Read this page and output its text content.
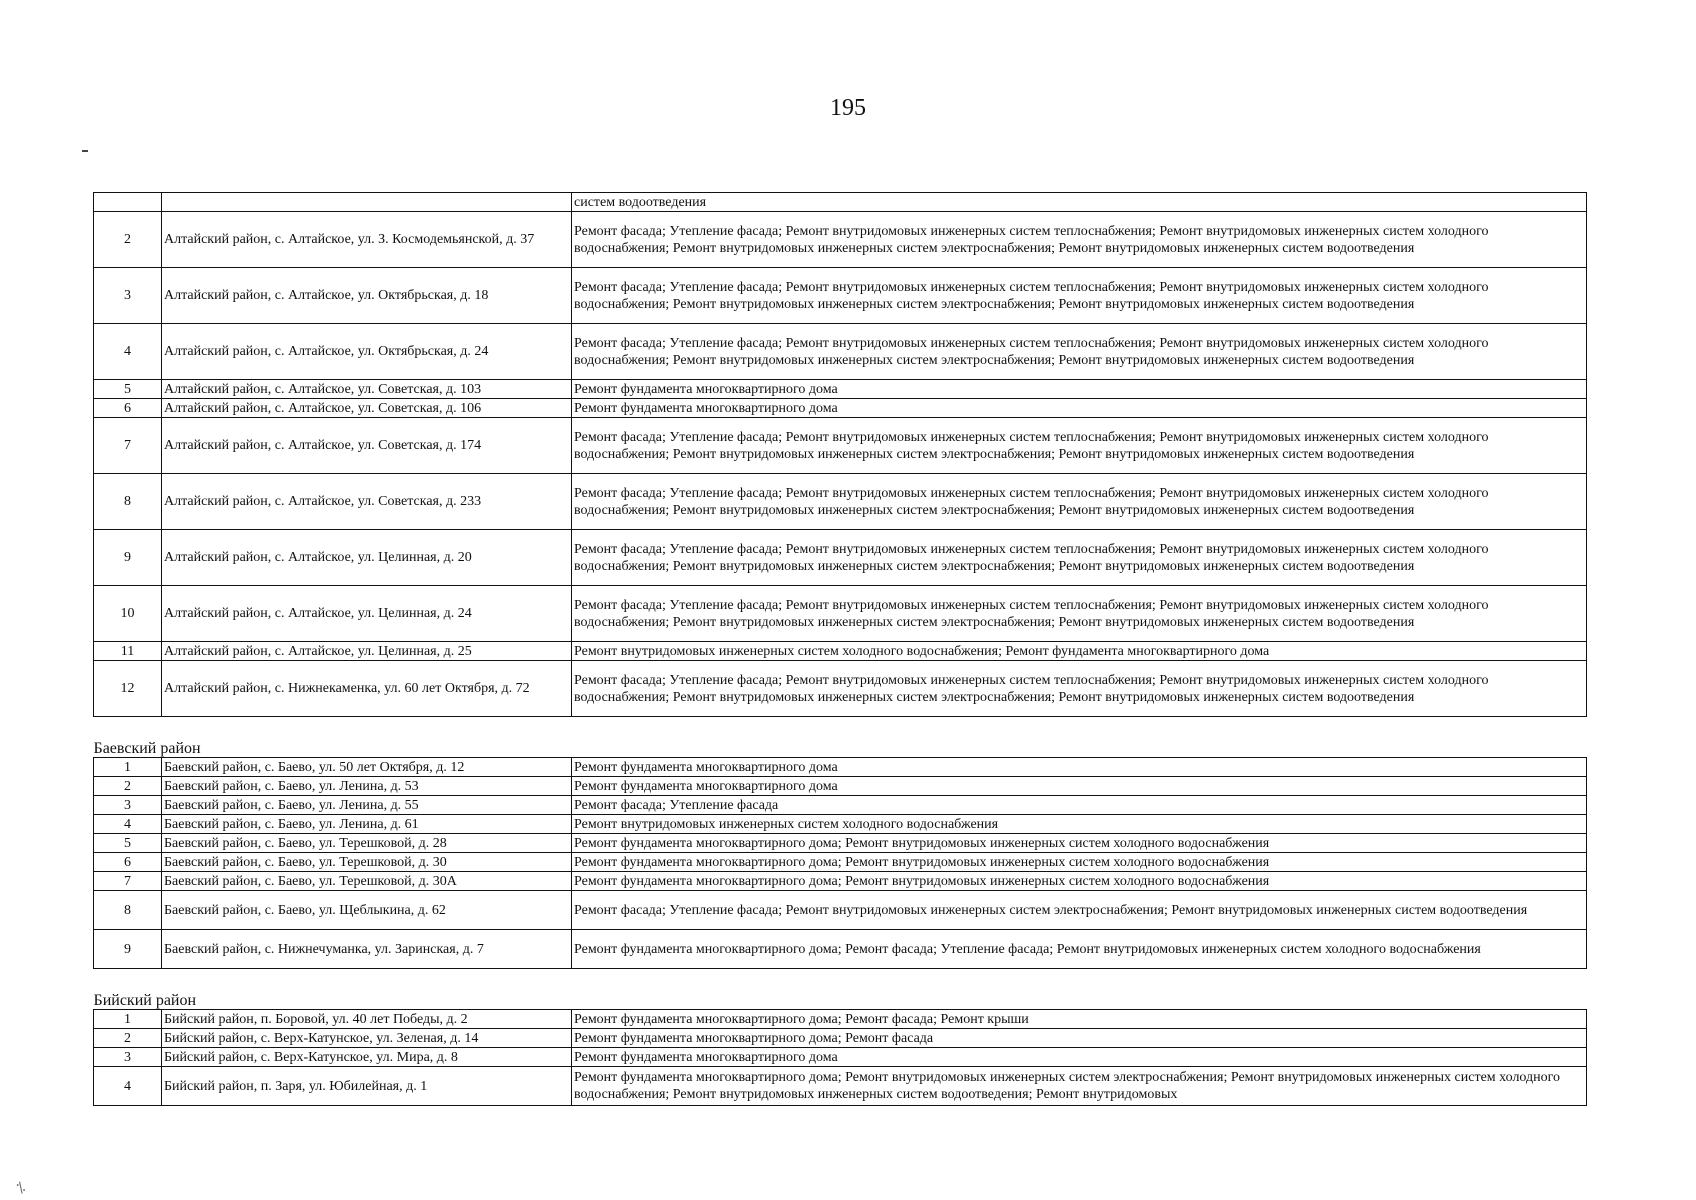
195
⁒
		систем водоотведения
2	Алтайский район, с. Алтайское, ул. З. Космодемьянской, д. 37	Ремонт фасада; Утепление фасада; Ремонт внутридомовых инженерных систем теплоснабжения; Ремонт внутридомовых инженерных систем холодного водоснабжения; Ремонт внутридомовых инженерных систем электроснабжения; Ремонт внутридомовых инженерных систем водоотведения
3	Алтайский район, с. Алтайское, ул. Октябрьская, д. 18	Ремонт фасада; Утепление фасада; Ремонт внутридомовых инженерных систем теплоснабжения; Ремонт внутридомовых инженерных систем холодного водоснабжения; Ремонт внутридомовых инженерных систем электроснабжения; Ремонт внутридомовых инженерных систем водоотведения
4	Алтайский район, с. Алтайское, ул. Октябрьская, д. 24	Ремонт фасада; Утепление фасада; Ремонт внутридомовых инженерных систем теплоснабжения; Ремонт внутридомовых инженерных систем холодного водоснабжения; Ремонт внутридомовых инженерных систем электроснабжения; Ремонт внутридомовых инженерных систем водоотведения
5	Алтайский район, с. Алтайское, ул. Советская, д. 103	Ремонт фундамента многоквартирного дома
6	Алтайский район, с. Алтайское, ул. Советская, д. 106	Ремонт фундамента многоквартирного дома
7	Алтайский район, с. Алтайское, ул. Советская, д. 174	Ремонт фасада; Утепление фасада; Ремонт внутридомовых инженерных систем теплоснабжения; Ремонт внутридомовых инженерных систем холодного водоснабжения; Ремонт внутридомовых инженерных систем электроснабжения; Ремонт внутридомовых инженерных систем водоотведения
8	Алтайский район, с. Алтайское, ул. Советская, д. 233	Ремонт фасада; Утепление фасада; Ремонт внутридомовых инженерных систем теплоснабжения; Ремонт внутридомовых инженерных систем холодного водоснабжения; Ремонт внутридомовых инженерных систем электроснабжения; Ремонт внутридомовых инженерных систем водоотведения
9	Алтайский район, с. Алтайское, ул. Целинная, д. 20	Ремонт фасада; Утепление фасада; Ремонт внутридомовых инженерных систем теплоснабжения; Ремонт внутридомовых инженерных систем холодного водоснабжения; Ремонт внутридомовых инженерных систем электроснабжения; Ремонт внутридомовых инженерных систем водоотведения
10	Алтайский район, с. Алтайское, ул. Целинная, д. 24	Ремонт фасада; Утепление фасада; Ремонт внутридомовых инженерных систем теплоснабжения; Ремонт внутридомовых инженерных систем холодного водоснабжения; Ремонт внутридомовых инженерных систем электроснабжения; Ремонт внутридомовых инженерных систем водоотведения
11	Алтайский район, с. Алтайское, ул. Целинная, д. 25	Ремонт внутридомовых инженерных систем холодного водоснабжения; Ремонт фундамента многоквартирного дома
12	Алтайский район, с. Нижнекаменка, ул. 60 лет Октября, д. 72	Ремонт фасада; Утепление фасада; Ремонт внутридомовых инженерных систем теплоснабжения; Ремонт внутридомовых инженерных систем холодного водоснабжения; Ремонт внутридомовых инженерных систем электроснабжения; Ремонт внутридомовых инженерных систем водоотведения
Баевский район		
1	Баевский район, с. Баево, ул. 50 лет Октября, д. 12	Ремонт фундамента многоквартирного дома
2	Баевский район, с. Баево, ул. Ленина, д. 53	Ремонт фундамента многоквартирного дома
3	Баевский район, с. Баево, ул. Ленина, д. 55	Ремонт фасада; Утепление фасада
4	Баевский район, с. Баево, ул. Ленина, д. 61	Ремонт внутридомовых инженерных систем холодного водоснабжения
5	Баевский район, с. Баево, ул. Терешковой, д. 28	Ремонт фундамента многоквартирного дома; Ремонт внутридомовых инженерных систем холодного водоснабжения
6	Баевский район, с. Баево, ул. Терешковой, д. 30	Ремонт фундамента многоквартирного дома; Ремонт внутридомовых инженерных систем холодного водоснабжения
7	Баевский район, с. Баево, ул. Терешковой, д. 30А	Ремонт фундамента многоквартирного дома; Ремонт внутридомовых инженерных систем холодного водоснабжения
8	Баевский район, с. Баево, ул. Щеблыкина, д. 62	Ремонт фасада; Утепление фасада; Ремонт внутридомовых инженерных систем электроснабжения; Ремонт внутридомовых инженерных систем водоотведения
9	Баевский район, с. Нижнечуманка, ул. Заринская, д. 7	Ремонт фундамента многоквартирного дома; Ремонт фасада; Утепление фасада; Ремонт внутридомовых инженерных систем холодного водоснабжения
Бийский район		
1	Бийский район, п. Боровой, ул. 40 лет Победы, д. 2	Ремонт фундамента многоквартирного дома; Ремонт фасада; Ремонт крыши
2	Бийский район, с. Верх-Катунское, ул. Зеленая, д. 14	Ремонт фундамента многоквартирного дома; Ремонт фасада
3	Бийский район, с. Верх-Катунское, ул. Мира, д. 8	Ремонт фундамента многоквартирного дома
4	Бийский район, п. Заря, ул. Юбилейная, д. 1	Ремонт фундамента многоквартирного дома; Ремонт внутридомовых инженерных систем электроснабжения; Ремонт внутридомовых инженерных систем холодного водоснабжения; Ремонт внутридомовых инженерных систем водоотведения; Ремонт внутридомовых
